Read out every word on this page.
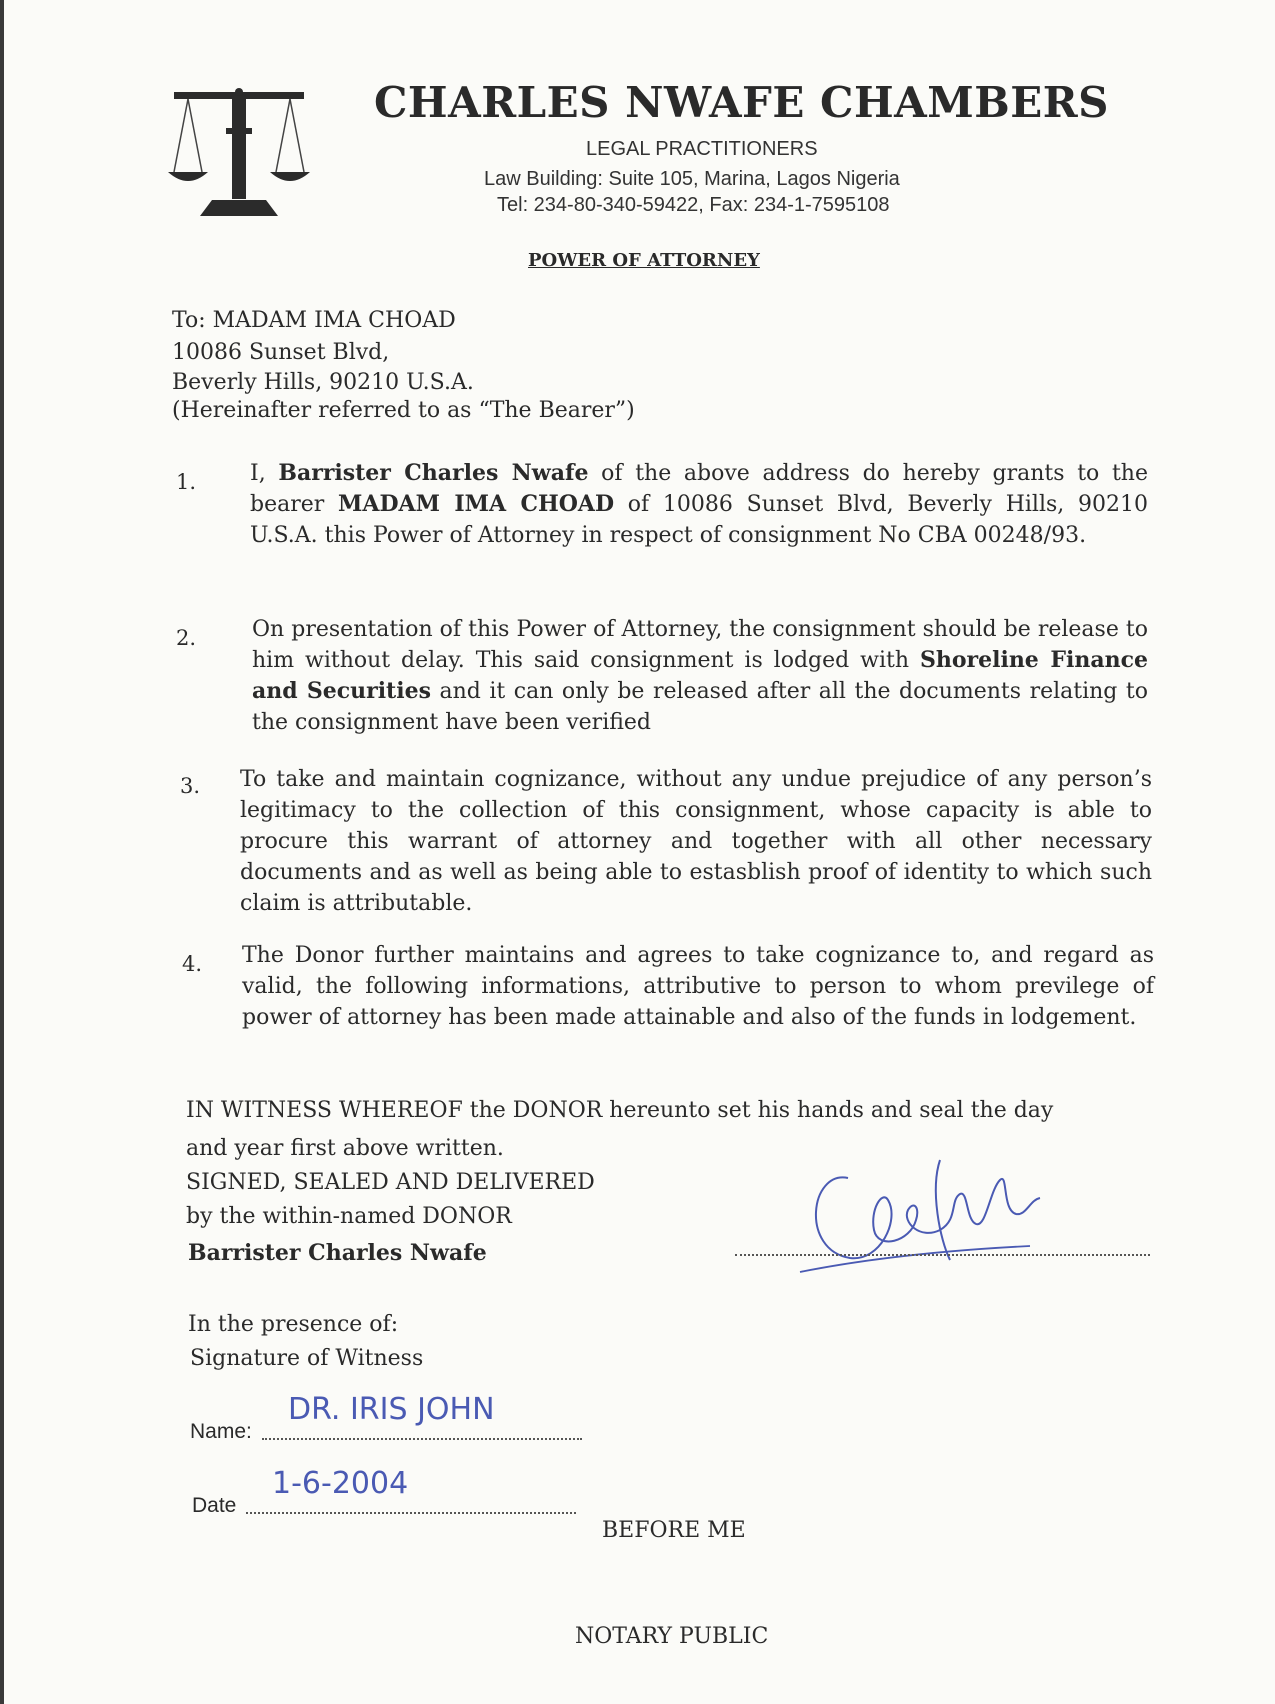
CHARLES NWAFE CHAMBERS
LEGAL PRACTITIONERS
Law Building: Suite 105, Marina, Lagos Nigeria
Tel: 234-80-340-59422, Fax: 234-1-7595108
POWER OF ATTORNEY
To: MADAM IMA CHOAD
10086 Sunset Blvd,
Beverly Hills, 90210 U.S.A.
(Hereinafter referred to as “The Bearer”)
1. I, Barrister Charles Nwafe of the above address do hereby grants to the bearer MADAM IMA CHOAD of 10086 Sunset Blvd, Beverly Hills, 90210 U.S.A. this Power of Attorney in respect of consignment No CBA 00248/93.
2.	On presentation of this Power of Attorney, the consignment should be release to him without delay. This said consignment is lodged with Shoreline Finance and Securities and it can only be released after all the documents relating to the consignment have been verified
3. To take and maintain cognizance, without any undue prejudice of any person’s legitimacy to the collection of this consignment, whose capacity is able to procure this warrant of attorney and together with all other necessary documents and as well as being able to estasblish proof of identity to which such claim is attributable.
4. The Donor further maintains and agrees to take cognizance to, and regard as valid, the following informations, attributive to person to whom previlege of power of attorney has been made attainable and also of the funds in lodgement.
IN WITNESS WHEREOF the DONOR hereunto set his hands and seal the day
and year first above written.
SIGNED, SEALED AND DELIVERED
by the within-named DONOR
Barrister Charles Nwafe
In the presence of:
Signature of Witness
Name:
DR. IRIS JOHN
Date
1-6-2004
BEFORE ME
NOTARY PUBLIC
